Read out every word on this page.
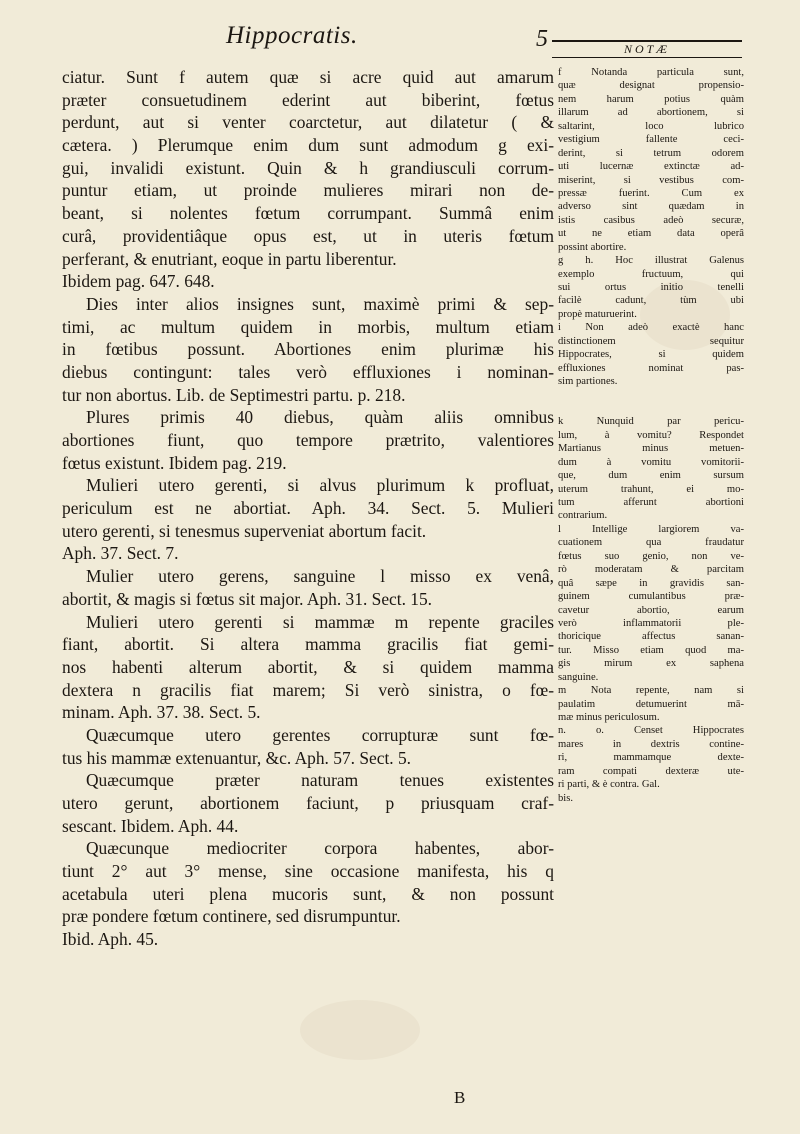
Hippocratis.	5	NOTÆ
ciatur. Sunt f autem quæ si acre quid aut amarum
præter consuetudinem ederint aut biberint, fœtus
perdunt, aut si venter coarctetur, aut dilatetur ( &
cætera. ) Plerumque enim dum sunt admodum g exi-
gui, invalidi existunt. Quin & h grandiusculi corrum-
puntur etiam, ut proinde mulieres mirari non de-
beant, si nolentes fœtum corrumpant. Summâ enim
curâ, providentiâque opus est, ut in uteris fœtum
perferant, & enutriant, eoque in partu liberentur.
Ibidem pag. 647. 648.
Dies inter alios insignes sunt, maximè primi & sep-
timi, ac multum quidem in morbis, multum etiam
in fœtibus possunt. Abortiones enim plurimæ his
diebus contingunt: tales verò effluxiones i nominan-
tur non abortus. Lib. de Septimestri partu. p. 218.
Plures primis 40 diebus, quàm aliis omnibus
abortiones fiunt, quo tempore prætrito, valentiores
fœtus existunt. Ibidem pag. 219.
Mulieri utero gerenti, si alvus plurimum k profluat,
periculum est ne abortiat. Aph. 34. Sect. 5. Mulieri
utero gerenti, si tenesmus superveniat abortum facit.
Aph. 37. Sect. 7.
Mulier utero gerens, sanguine l misso ex venâ,
abortit, & magis si fœtus sit major. Aph. 31. Sect. 15.
Mulieri utero gerenti si mammæ m repente graciles
fiant, abortit. Si altera mamma gracilis fiat gemi-
nos habenti alterum abortit, & si quidem mamma
dextera n gracilis fiat marem; Si verò sinistra, o fœ-
minam. Aph. 37. 38. Sect. 5.
Quæcumque utero gerentes corrupturæ sunt fœ-
tus his mammæ extenuantur, &c. Aph. 57. Sect. 5.
Quæcumque præter naturam tenues existentes
utero gerunt, abortionem faciunt, p priusquam craf-
sescant. Ibidem. Aph. 44.
Quæcunque mediocriter corpora habentes, abor-
tiunt 2° aut 3° mense, sine occasione manifesta, his q
acetabula uteri plena mucoris sunt, & non possunt
præ pondere fœtum continere, sed disrumpuntur.
Ibid. Aph. 45.
f Notanda particula sunt,
quæ designat propensio-
nem harum potius quàm
illarum ad abortionem, si
saltarint, loco lubrico
vestigium fallente ceci-
derint, si tetrum odorem
uti lucernæ extinctæ ad-
miserint, si vestibus com-
pressæ fuerint. Cum ex
adverso sint quædam in
istis casibus adeò securæ,
ut ne etiam data operâ
possint abortire.
g h. Hoc illustrat Galenus
exemplo fructuum, qui
sui ortus initio tenelli
facilè cadunt, tùm ubi
propè maturuerint.
i Non adeò exactè hanc
distinctionem sequitur
Hippocrates, si quidem
effluxiones nominat pas-
sim partiones.
k Nunquid par pericu-
lum, à vomitu? Respondet
Martianus minus metuen-
dum à vomitu vomitorii-
que, dum enim sursum
uterum trahunt, ei mo-
tum afferunt abortioni
contrarium.
l Intellige largiorem va-
cuationem qua fraudatur
fœtus suo genio, non ve-
rò moderatam & parcitam
quâ sæpe in gravidis san-
guinem cumulantibus præ-
cavetur abortio, earum
verò inflammatorii ple-
thoricique affectus sanan-
tur. Misso etiam quod ma-
gis mirum ex saphena
sanguine.
m Nota repente, nam si
paulatim detumuerint mā-
mæ minus periculosum.
n. o. Censet Hippocrates
mares in dextris contine-
ri, mammamque dexte-
ram compati dexteræ ute-
ri parti, & è contra. Gal.
bis.
B
